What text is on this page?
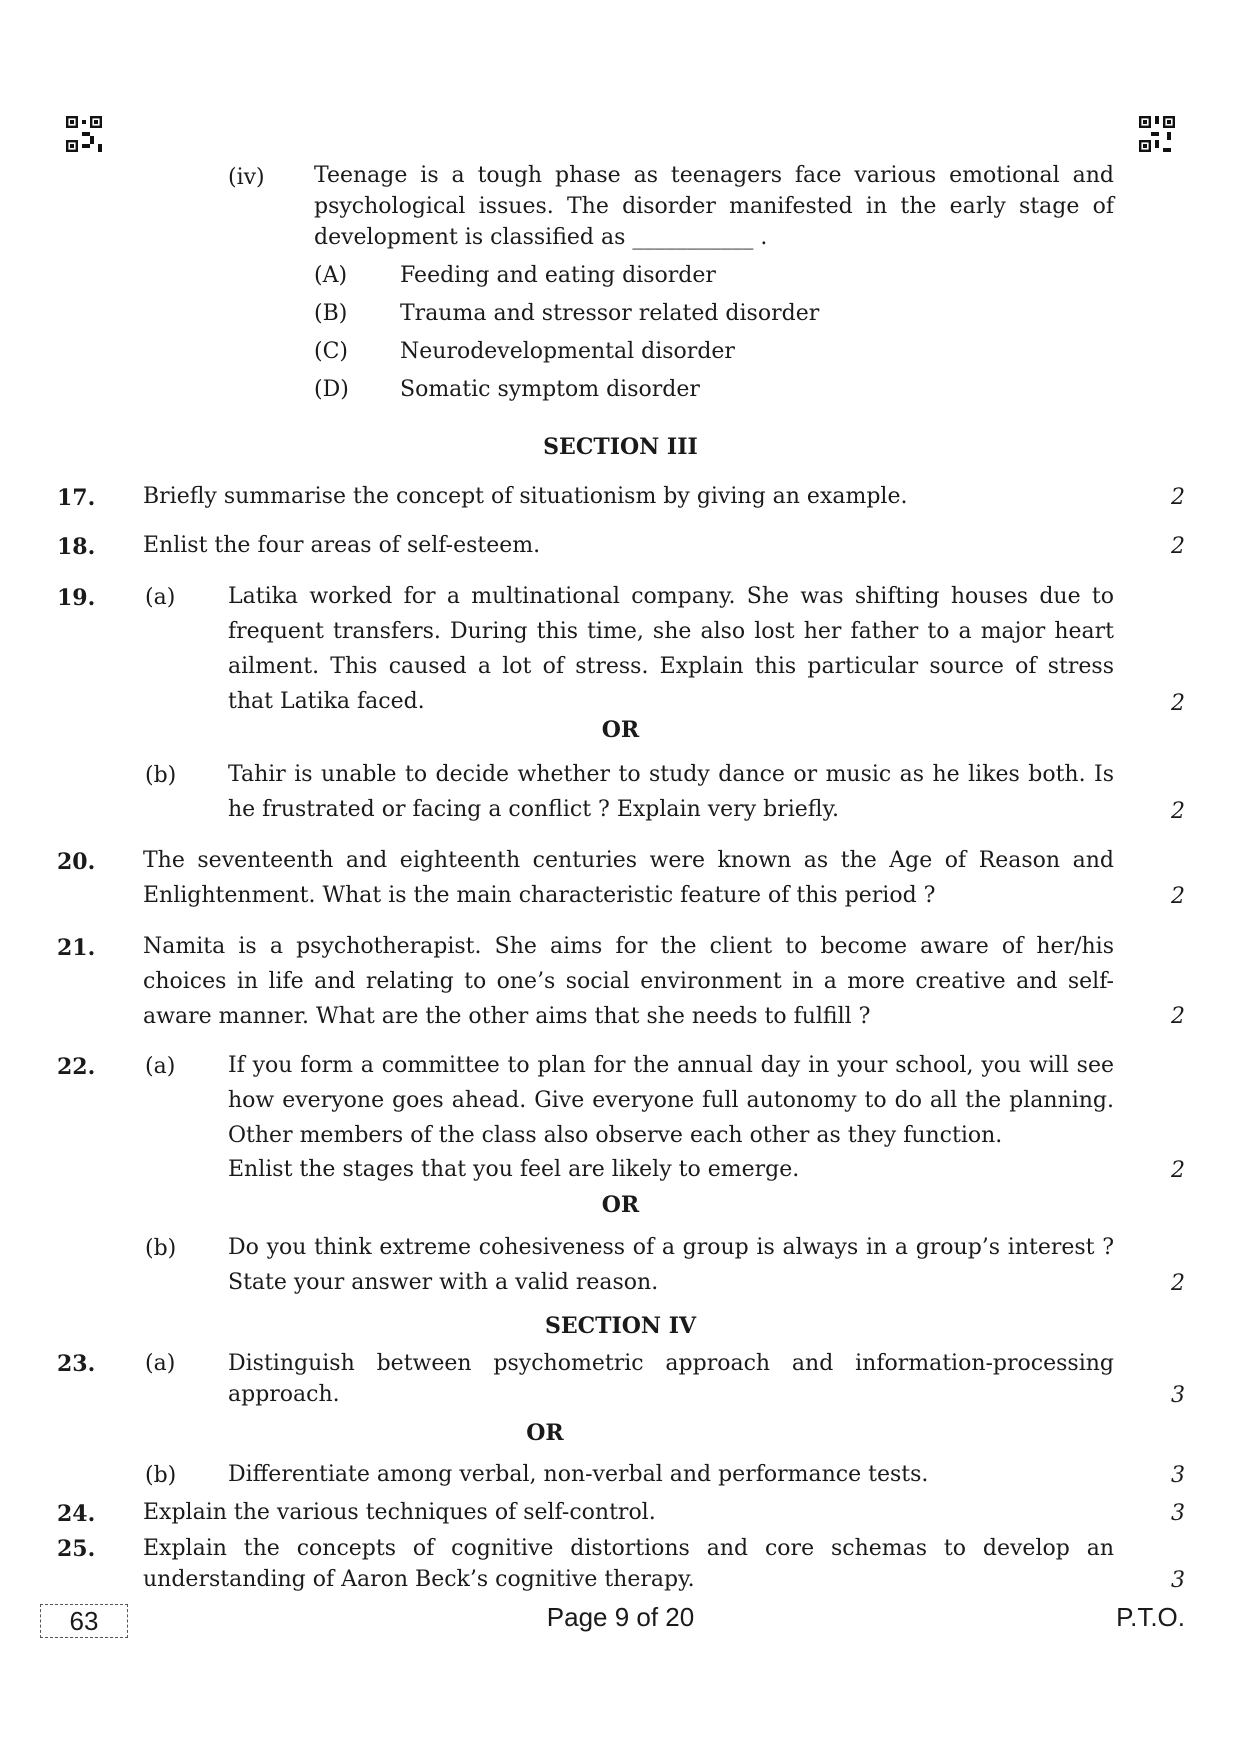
(iv) Teenage is a tough phase as teenagers face various emotional and psychological issues. The disorder manifested in the early stage of development is classified as ___________ .
(A) Feeding and eating disorder
(B) Trauma and stressor related disorder
(C) Neurodevelopmental disorder
(D) Somatic symptom disorder
SECTION III
17. Briefly summarise the concept of situationism by giving an example.	2
18. Enlist the four areas of self-esteem.	2
19. (a) Latika worked for a multinational company. She was shifting houses due to frequent transfers. During this time, she also lost her father to a major heart ailment. This caused a lot of stress. Explain this particular source of stress that Latika faced.	2
OR
(b) Tahir is unable to decide whether to study dance or music as he likes both. Is he frustrated or facing a conflict ? Explain very briefly.	2
20. The seventeenth and eighteenth centuries were known as the Age of Reason and Enlightenment. What is the main characteristic feature of this period ?	2
21. Namita is a psychotherapist. She aims for the client to become aware of her/his choices in life and relating to one’s social environment in a more creative and self-aware manner. What are the other aims that she needs to fulfill ?	2
22. (a) If you form a committee to plan for the annual day in your school, you will see how everyone goes ahead. Give everyone full autonomy to do all the planning. Other members of the class also observe each other as they function.
Enlist the stages that you feel are likely to emerge.	2
OR
(b) Do you think extreme cohesiveness of a group is always in a group’s interest ? State your answer with a valid reason.	2
SECTION IV
23. (a) Distinguish between psychometric approach and information-processing approach.	3
OR
(b) Differentiate among verbal, non-verbal and performance tests.	3
24. Explain the various techniques of self-control.	3
25. Explain the concepts of cognitive distortions and core schemas to develop an understanding of Aaron Beck’s cognitive therapy.	3
63	Page 9 of 20	P.T.O.
